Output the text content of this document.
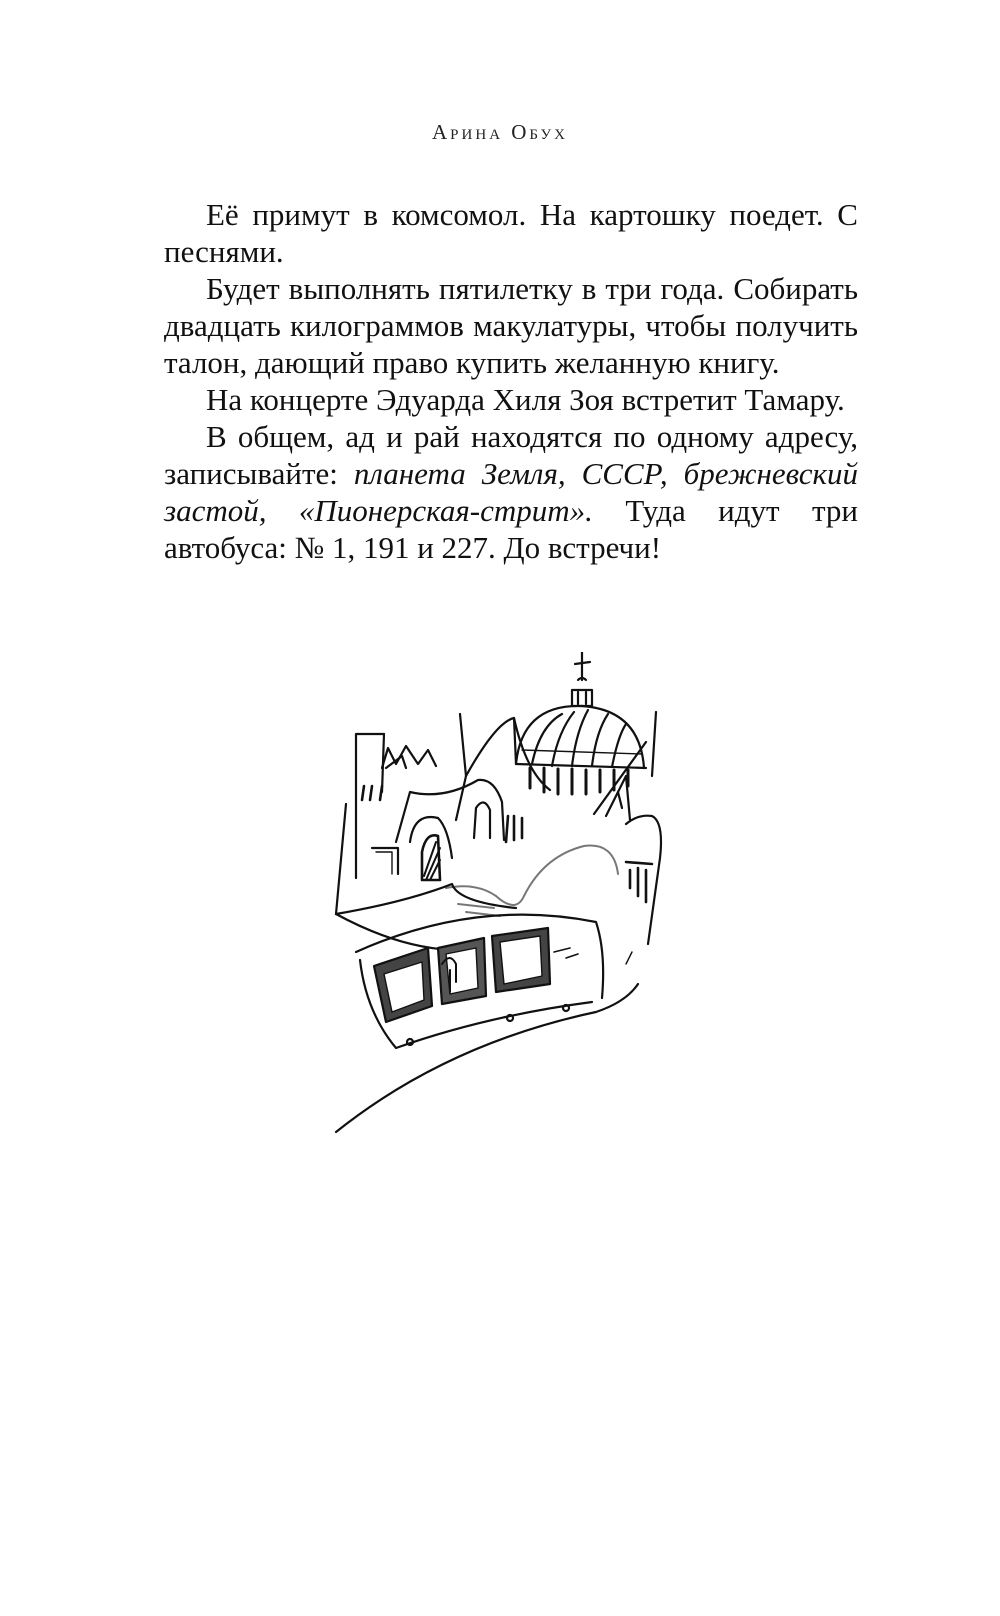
Арина Обух

Её примут в комсомол. На картошку поедет. С песнями.

Будет выполнять пятилетку в три года. Собирать двадцать килограммов макулатуры, чтобы получить талон, дающий право купить желанную книгу.

На концерте Эдуарда Хиля Зоя встретит Тамару.

В общем, ад и рай находятся по одному адресу, записывайте: планета Земля, СССР, брежневский застой, «Пионерская-стрит». Туда идут три автобуса: № 1, 191 и 227. До встречи!
